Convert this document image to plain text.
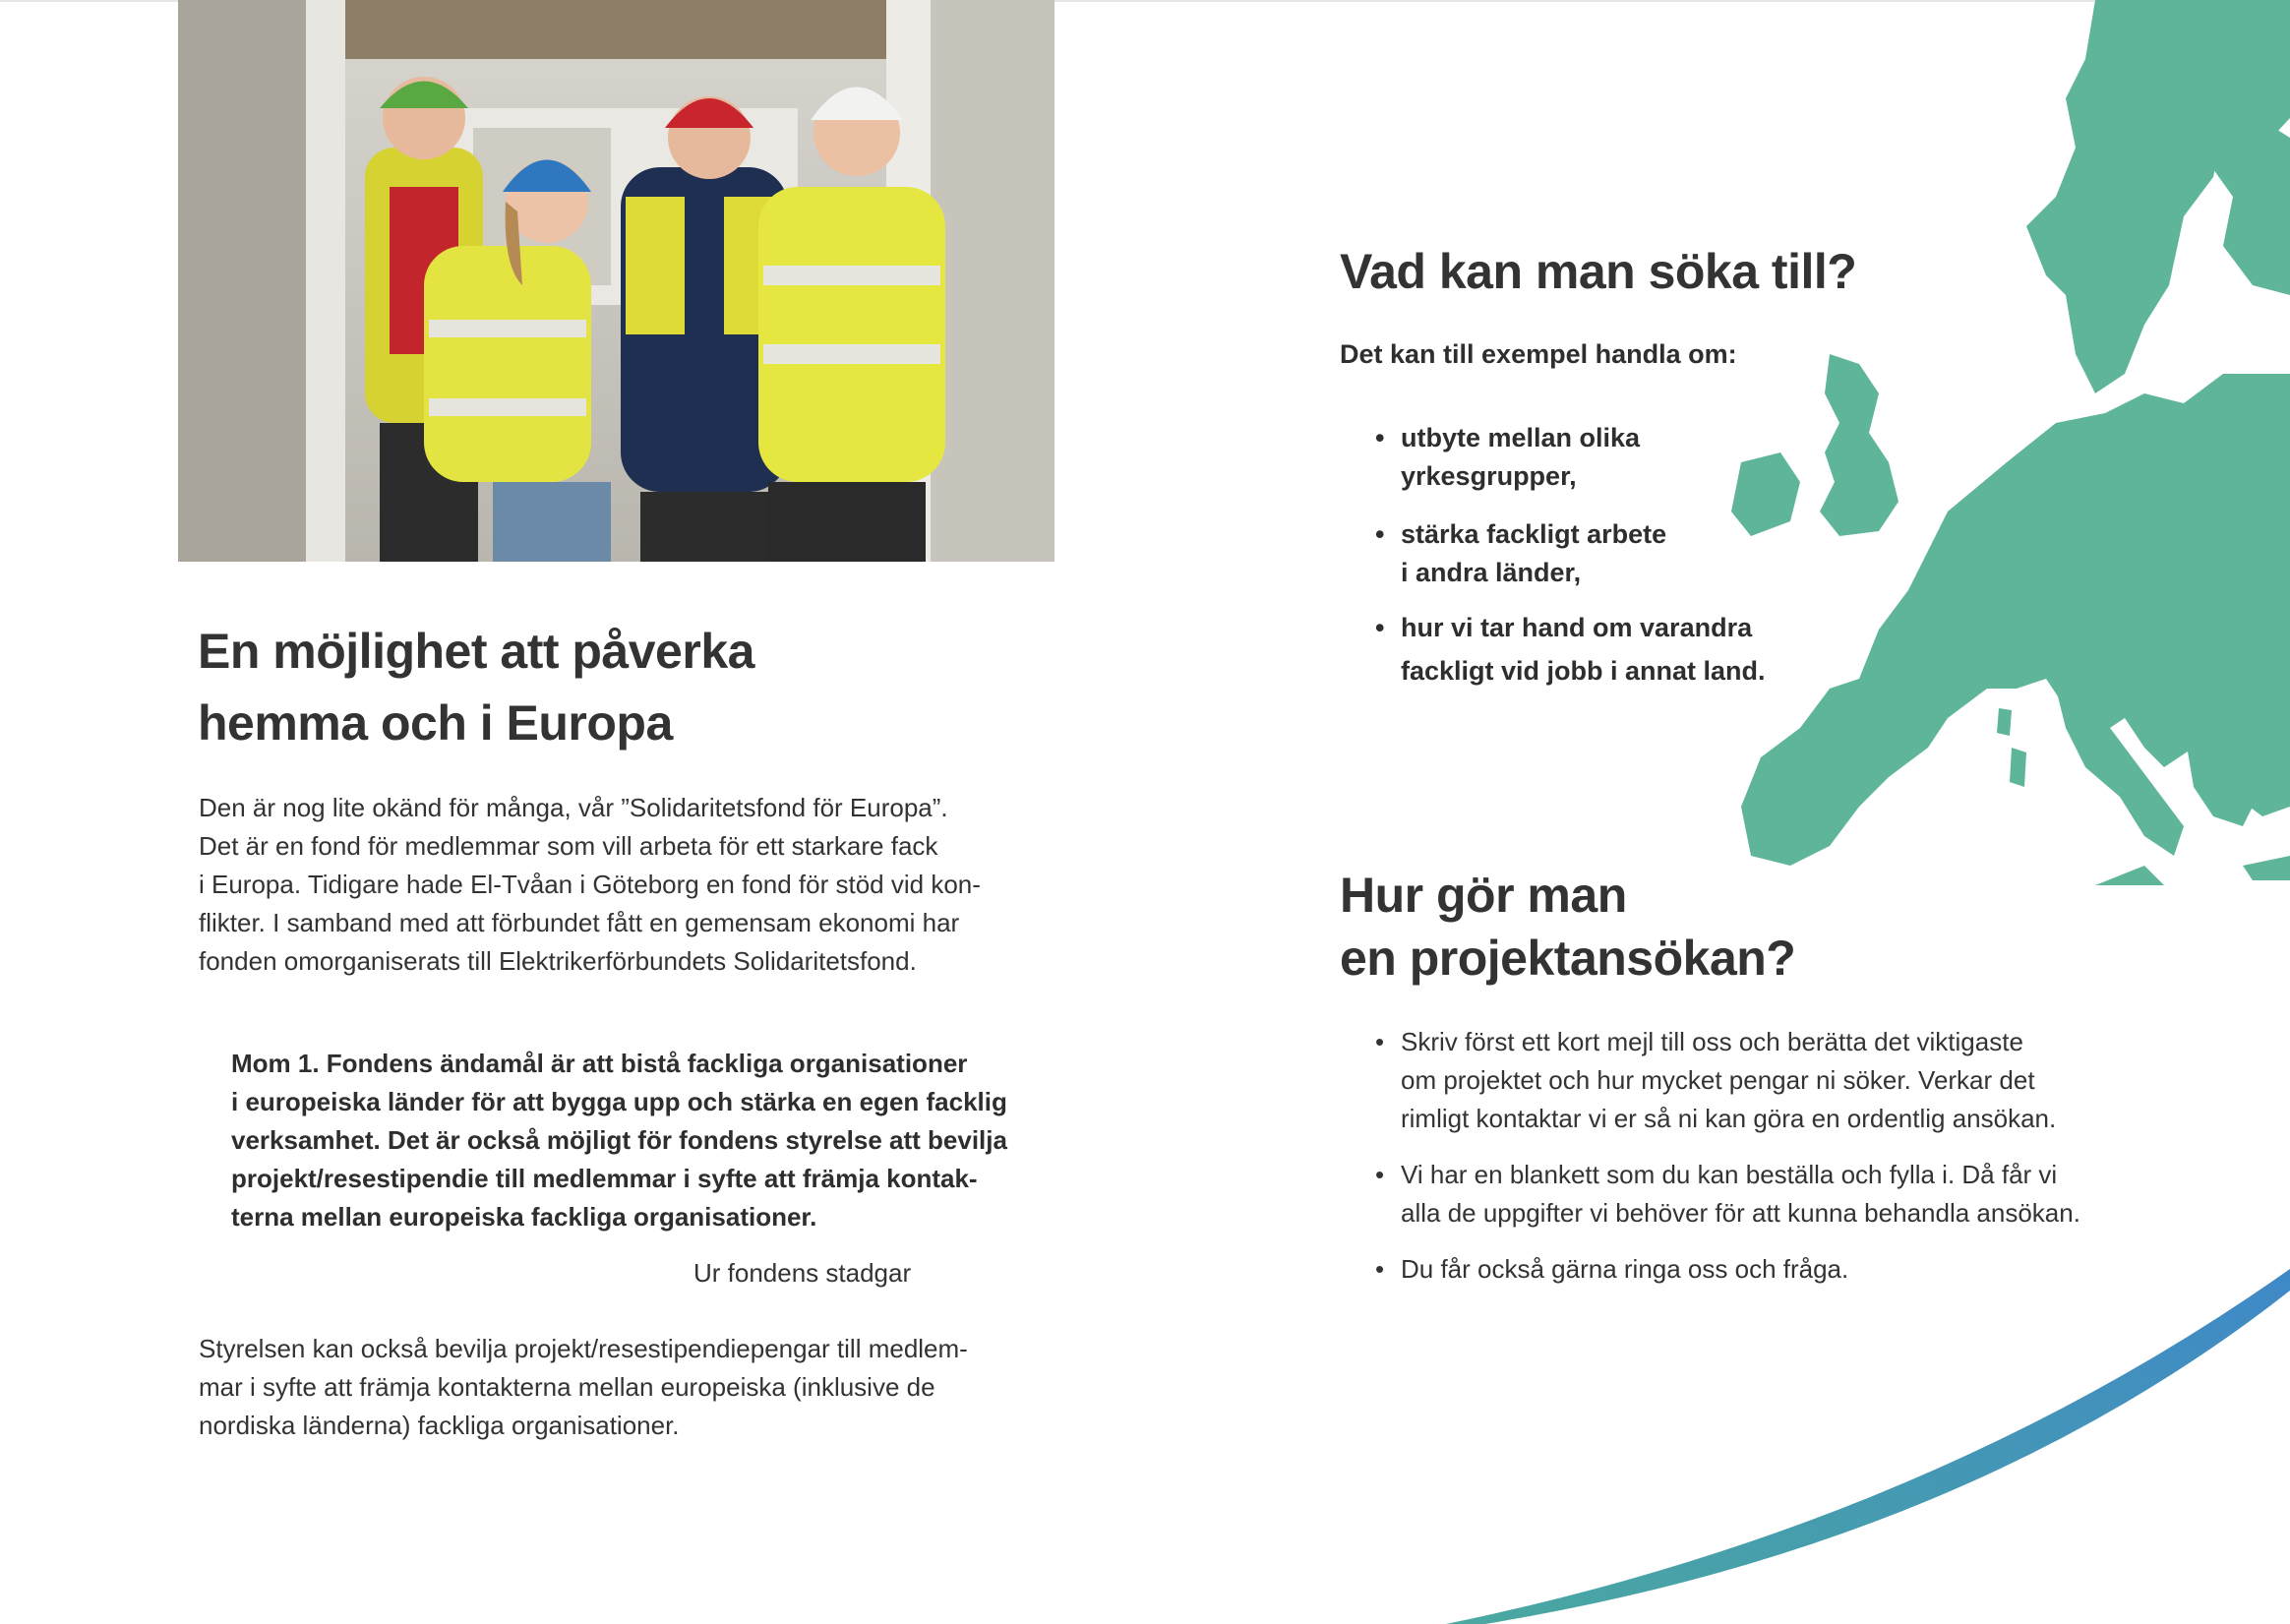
En möjlighet att påverka
hemma och i Europa
Den är nog lite okänd för många, vår ”Solidaritetsfond för Europa”.
Det är en fond för medlemmar som vill arbeta för ett starkare fack
i Europa. Tidigare hade El-Tvåan i Göteborg en fond för stöd vid kon-
flikter. I samband med att förbundet fått en gemensam ekonomi har
fonden omorganiserats till Elektrikerförbundets Solidaritetsfond.
Mom 1. Fondens ändamål är att bistå fackliga organisationer
i europeiska länder för att bygga upp och stärka en egen facklig
verksamhet. Det är också möjligt för fondens styrelse att bevilja
projekt/resestipendie till medlemmar i syfte att främja kontak-
terna mellan europeiska fackliga organisationer.
Ur fondens stadgar
Styrelsen kan också bevilja projekt/resestipendiepengar till medlem-
mar i syfte att främja kontakterna mellan europeiska (inklusive de
nordiska länderna) fackliga organisationer.
Vad kan man söka till?
Det kan till exempel handla om:
• utbyte mellan olika
yrkesgrupper,
• stärka fackligt arbete
i andra länder,
• hur vi tar hand om varandra
fackligt vid jobb i annat land.
Hur gör man
en projektansökan?
• Skriv först ett kort mejl till oss och berätta det viktigaste
om projektet och hur mycket pengar ni söker. Verkar det
rimligt kontaktar vi er så ni kan göra en ordentlig ansökan.
• Vi har en blankett som du kan beställa och fylla i. Då får vi
alla de uppgifter vi behöver för att kunna behandla ansökan.
• Du får också gärna ringa oss och fråga.
